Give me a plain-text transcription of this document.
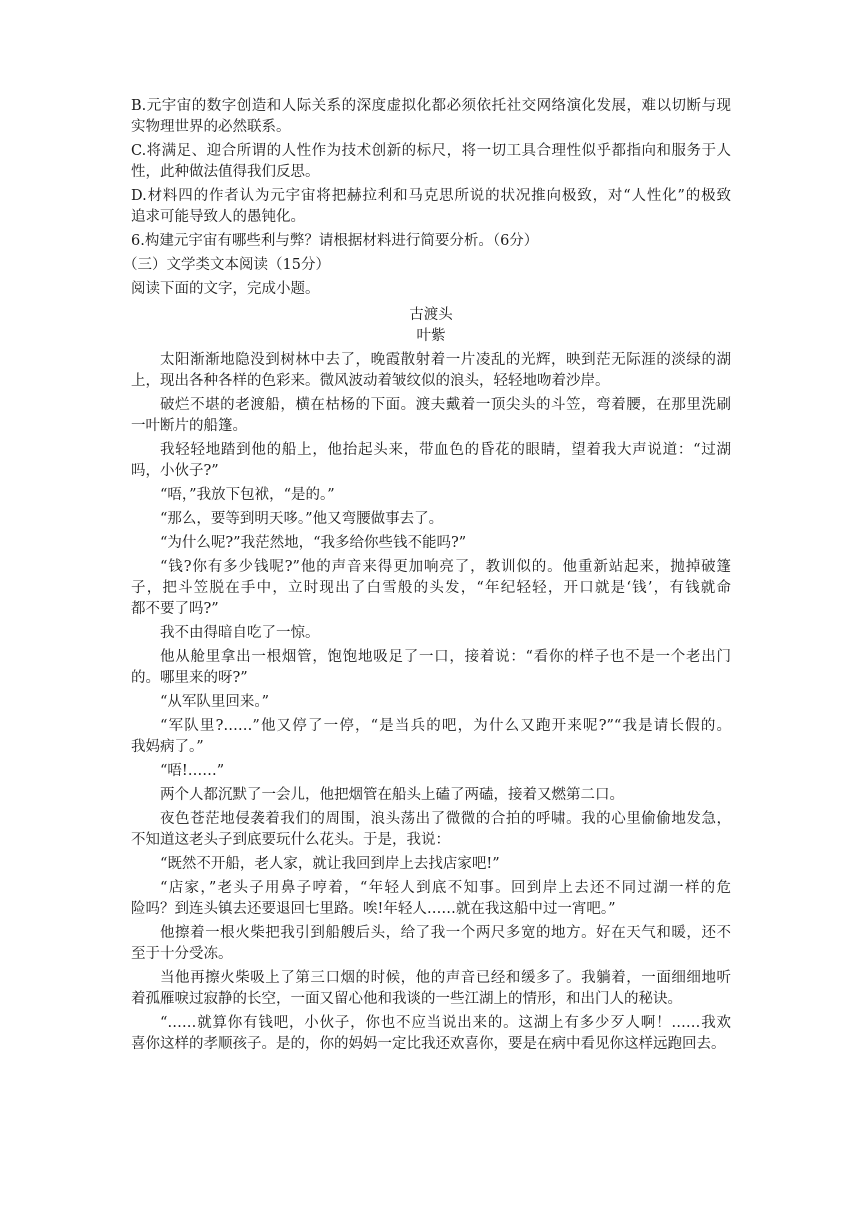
B.元宇宙的数字创造和人际关系的深度虚拟化都必须依托社交网络演化发展，难以切断与现
实物理世界的必然联系。
C.将满足、迎合所谓的人性作为技术创新的标尺，将一切工具合理性似乎都指向和服务于人
性，此种做法值得我们反思。
D.材料四的作者认为元宇宙将把赫拉利和马克思所说的状况推向极致，对“人性化”的极致
追求可能导致人的愚钝化。
6.构建元宇宙有哪些利与弊？请根据材料进行简要分析。（6分）
（三）文学类文本阅读（15分）
阅读下面的文字，完成小题。
古渡头
叶紫
太阳渐渐地隐没到树林中去了，晚霞散射着一片凌乱的光辉，映到茫无际涯的淡绿的湖
上，现出各种各样的色彩来。微风波动着皱纹似的浪头，轻轻地吻着沙岸。
破烂不堪的老渡船，横在枯杨的下面。渡夫戴着一顶尖头的斗笠，弯着腰，在那里洗刷
一叶断片的船篷。
我轻轻地踏到他的船上，他抬起头来，带血色的昏花的眼睛，望着我大声说道：“过湖
吗，小伙子?”
“唔，”我放下包袱，“是的。”
“那么，要等到明天哆。”他又弯腰做事去了。
“为什么呢?”我茫然地，“我多给你些钱不能吗?”
“钱?你有多少钱呢?”他的声音来得更加响亮了，教训似的。他重新站起来，抛掉破篷
子，把斗笠脱在手中，立时现出了白雪般的头发，“年纪轻轻，开口就是‘钱’，有钱就命
都不要了吗?”
我不由得暗自吃了一惊。
他从舱里拿出一根烟管，饱饱地吸足了一口，接着说：“看你的样子也不是一个老出门
的。哪里来的呀?”
“从军队里回来。”
“军队里?……”他又停了一停，“是当兵的吧，为什么又跑开来呢?”“我是请长假的。
我妈病了。”
“唔!……”
两个人都沉默了一会儿，他把烟管在船头上磕了两磕，接着又燃第二口。
夜色苍茫地侵袭着我们的周围，浪头荡出了微微的合拍的呼啸。我的心里偷偷地发急，
不知道这老头子到底要玩什么花头。于是，我说：
“既然不开船，老人家，就让我回到岸上去找店家吧!”
“店家，”老头子用鼻子哼着，“年轻人到底不知事。回到岸上去还不同过湖一样的危
险吗？到连头镇去还要退回七里路。唉!年轻人……就在我这船中过一宵吧。”
他擦着一根火柴把我引到船艘后头，给了我一个两尺多宽的地方。好在天气和暖，还不
至于十分受冻。
当他再擦火柴吸上了第三口烟的时候，他的声音已经和缓多了。我躺着，一面细细地听
着孤雁唳过寂静的长空，一面又留心他和我谈的一些江湖上的情形，和出门人的秘诀。
“……就算你有钱吧，小伙子，你也不应当说出来的。这湖上有多少歹人啊！……我欢
喜你这样的孝顺孩子。是的，你的妈妈一定比我还欢喜你，要是在病中看见你这样远跑回去。
